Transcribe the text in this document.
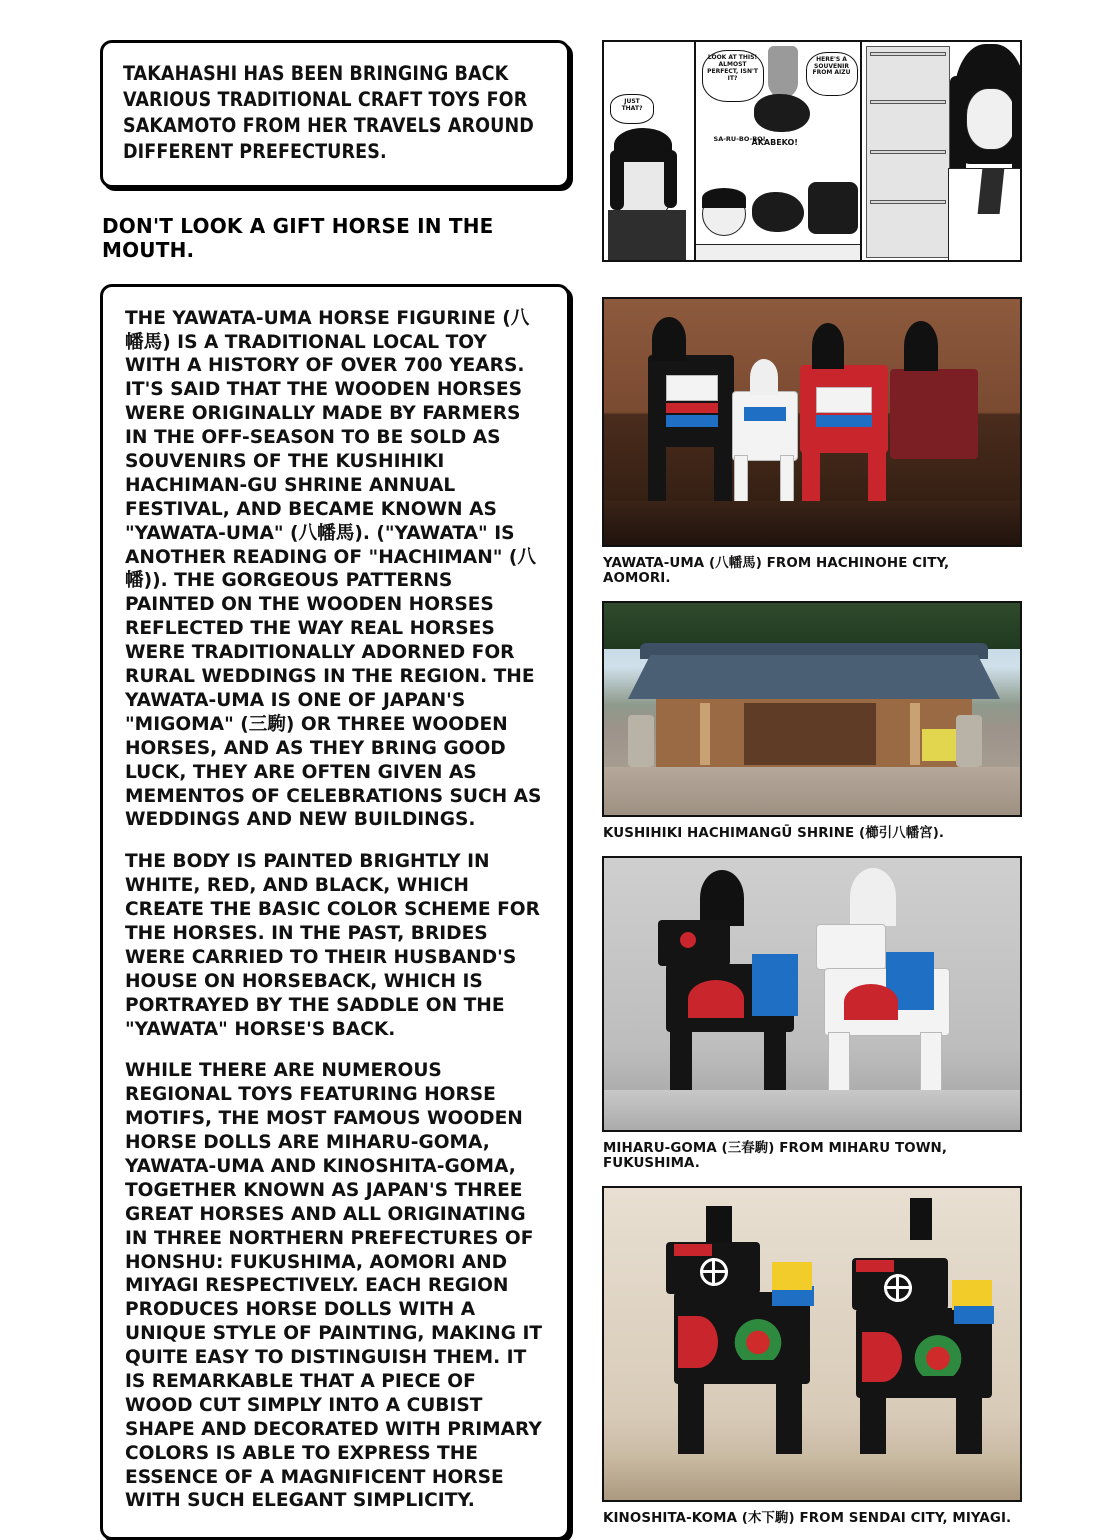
TAKAHASHI HAS BEEN BRINGING BACK VARIOUS TRADITIONAL CRAFT TOYS FOR SAKAMOTO FROM HER TRAVELS AROUND DIFFERENT PREFECTURES.

DON'T LOOK A GIFT HORSE IN THE MOUTH.

THE YAWATA-UMA HORSE FIGURINE (八幡馬) IS A TRADITIONAL LOCAL TOY WITH A HISTORY OF OVER 700 YEARS. IT'S SAID THAT THE WOODEN HORSES WERE ORIGINALLY MADE BY FARMERS IN THE OFF-SEASON TO BE SOLD AS SOUVENIRS OF THE KUSHIHIKI HACHIMAN-GU SHRINE ANNUAL FESTIVAL, AND BECAME KNOWN AS "YAWATA-UMA" (八幡馬). ("YAWATA" IS ANOTHER READING OF "HACHIMAN" (八幡)). THE GORGEOUS PATTERNS PAINTED ON THE WOODEN HORSES REFLECTED THE WAY REAL HORSES WERE TRADITIONALLY ADORNED FOR RURAL WEDDINGS IN THE REGION. THE YAWATA-UMA IS ONE OF JAPAN'S "MIGOMA" (三駒) OR THREE WOODEN HORSES, AND AS THEY BRING GOOD LUCK, THEY ARE OFTEN GIVEN AS MEMENTOS OF CELEBRATIONS SUCH AS WEDDINGS AND NEW BUILDINGS.

THE BODY IS PAINTED BRIGHTLY IN WHITE, RED, AND BLACK, WHICH CREATE THE BASIC COLOR SCHEME FOR THE HORSES. IN THE PAST, BRIDES WERE CARRIED TO THEIR HUSBAND'S HOUSE ON HORSEBACK, WHICH IS PORTRAYED BY THE SADDLE ON THE "YAWATA" HORSE'S BACK.

WHILE THERE ARE NUMEROUS REGIONAL TOYS FEATURING HORSE MOTIFS, THE MOST FAMOUS WOODEN HORSE DOLLS ARE MIHARU-GOMA, YAWATA-UMA AND KINOSHITA-GOMA, TOGETHER KNOWN AS JAPAN'S THREE GREAT HORSES AND ALL ORIGINATING IN THREE NORTHERN PREFECTURES OF HONSHU: FUKUSHIMA, AOMORI AND MIYAGI RESPECTIVELY. EACH REGION PRODUCES HORSE DOLLS WITH A UNIQUE STYLE OF PAINTING, MAKING IT QUITE EASY TO DISTINGUISH THEM. IT IS REMARKABLE THAT A PIECE OF WOOD CUT SIMPLY INTO A CUBIST SHAPE AND DECORATED WITH PRIMARY COLORS IS ABLE TO EXPRESS THE ESSENCE OF A MAGNIFICENT HORSE WITH SUCH ELEGANT SIMPLICITY.

JUST THAT?
LOOK AT THIS! ALMOST PERFECT, ISN'T IT?
HERE'S A SOUVENIR FROM AIZU
SA-RU-BO-BO!
AKABEKO!

YAWATA-UMA (八幡馬) FROM HACHINOHE CITY, AOMORI.
KUSHIHIKI HACHIMANGŪ SHRINE (櫛引八幡宮).
MIHARU-GOMA (三春駒) FROM MIHARU TOWN, FUKUSHIMA.
KINOSHITA-KOMA (木下駒) FROM SENDAI CITY, MIYAGI.
